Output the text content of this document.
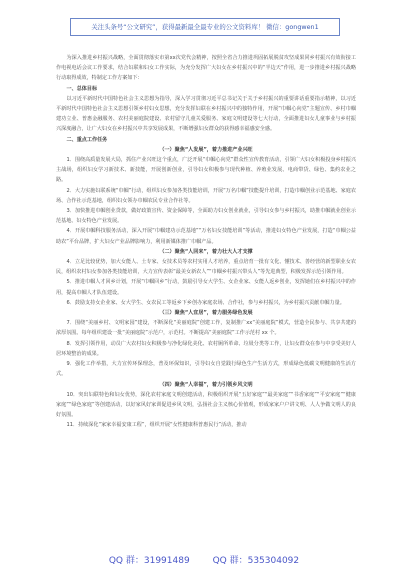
关注头条号“公文研究”，获得最新最全最专业的公文资料库！ 微信：gongwen1

为深入推进乡村振兴战略，全面贯彻落实市第xx次党代会精神，按照全省合力推进巩固拓展脱贫攻坚成果同乡村振兴有效衔接工作电视电话会议工作要求，结合妇联和妇女工作实际，为充分发挥广大妇女在乡村振兴中的“半边天”作用，进一步推进乡村振兴战略行动取得成效，特制定工作方案如下：

一、总体目标

以习近平新时代中国特色社会主义思想为指导，深入学习贯彻习近平总书记关于关于乡村振兴的重要讲话重要指示精神，以习近平新时代中国特色社会主义思想引领乡村妇女思想，充分发挥妇联在乡村振兴中的独特作用，开展“巾帼心向党”主题宣传、乡村巾帼建功立业、普惠金融服务、农村美丽庭院建设、农村留守儿童关爱服务、家庭文明建设等七大行动，全面推进妇女儿童事业与乡村振兴深度融合，让广大妇女在乡村振兴中共享发展成果，不断增强妇女群众的获得感幸福感安全感。

二、重点工作任务

（一）聚焦“人发展”，着力推进产业兴旺

1．围绕高质量发展大局，抓住产业兴旺这个重点，广泛开展“巾帼心向党”群众性宣传教育活动，引领广大妇女积极投身乡村振兴主战场，组织妇女学习新技术、新技能，开展创新创业，引导妇女积极参与现代种植、养殖业发展、电商带货、绿色、集约农业之路。

2．大力实施妇联系统“巾帼”行动，组织妇女参加各类技能培训，开展“万名巾帼”技能提升培训，打造巾帼创业示范基地、家庭农场、合作社示范基地，组织妇女领办巾帼农民专业合作社等。

3．加快推进巾帼创业贷款，做好政策宣传、资金保障等，全面助力妇女创业就业，引导妇女参与乡村振兴，助推巾帼就业创业示范基地、妇女特色产业发展。

4．开展巾帼科技服务活动，深入开展“巾帼建功示范基地”“万名妇女技能培训”等活动，推进妇女特色产业发展，打造“巾帼公益助农”平台品牌，扩大妇女产业品牌影响力，利用新媒体推广巾帼产品。

（二）聚焦“人回来”，着力壮大人才支撑

4．立足比较优势，加大女能人、土专家、女技术员等农村实用人才培养，重点培育一批有文化、懂技术、善经营的新型职业女农民，组织农村妇女参加各类技能培训，大力宣传表彰“最美女新农人”“巾帼乡村振兴带头人”等先进典型，积极发挥示范引领作用。

5．推进巾帼人才回乡计划，开展“巾帼回乡”行动，鼓励引导女大学生、女企业家、女能人返乡创业，发挥她们在乡村振兴中的作用，提高巾帼人才队伍建设。

6．鼓励支持女企业家、女大学生、女农民工等返乡下乡创办家庭农场、合作社，参与乡村振兴，为乡村振兴贡献巾帼力量。

（三）聚焦“人宜居”，着力服务绿色发展

7．围绕“美丽乡村、文明家园”建设，不断深化“美丽庭院”创建工作，复制推广xx“美丽庭院”模式，营造全民参与、共享共建的浓厚氛围。每年组织建设一批“美丽庭院”示范户，示范村。不断提高“美丽庭院”工作示范村 xx 个。

8．发挥引领作用，动员广大农村妇女积极参与净化绿化美化、农村厕所革命、垃圾分类等工作，让妇女群众在参与中享受美好人居环境整治的成果。

9．强化工作举措，大力宣传环保理念，普及环保知识，引导妇女自觉践行绿色生产生活方式，形成绿色低碳文明健康的生活方式。

（四）聚焦“人幸福”，着力引领乡风文明

10．突出妇联特色和妇女优势，深化农村家庭文明创建活动，积极组织开展“五好家庭”“最美家庭”“书香家庭”“平安家庭”“健康家庭”“绿色家庭”等创建活动，以好家风好家训促进乡风文明，弘扬社会主义核心价值观，形成家家户户讲文明、人人争做文明人的良好氛围。

11．持续深化“家家幸福安康工程”，组织开展“女性健康科普惠民行”活动，推动

QQ 群：31991489	QQ 群：535304092
